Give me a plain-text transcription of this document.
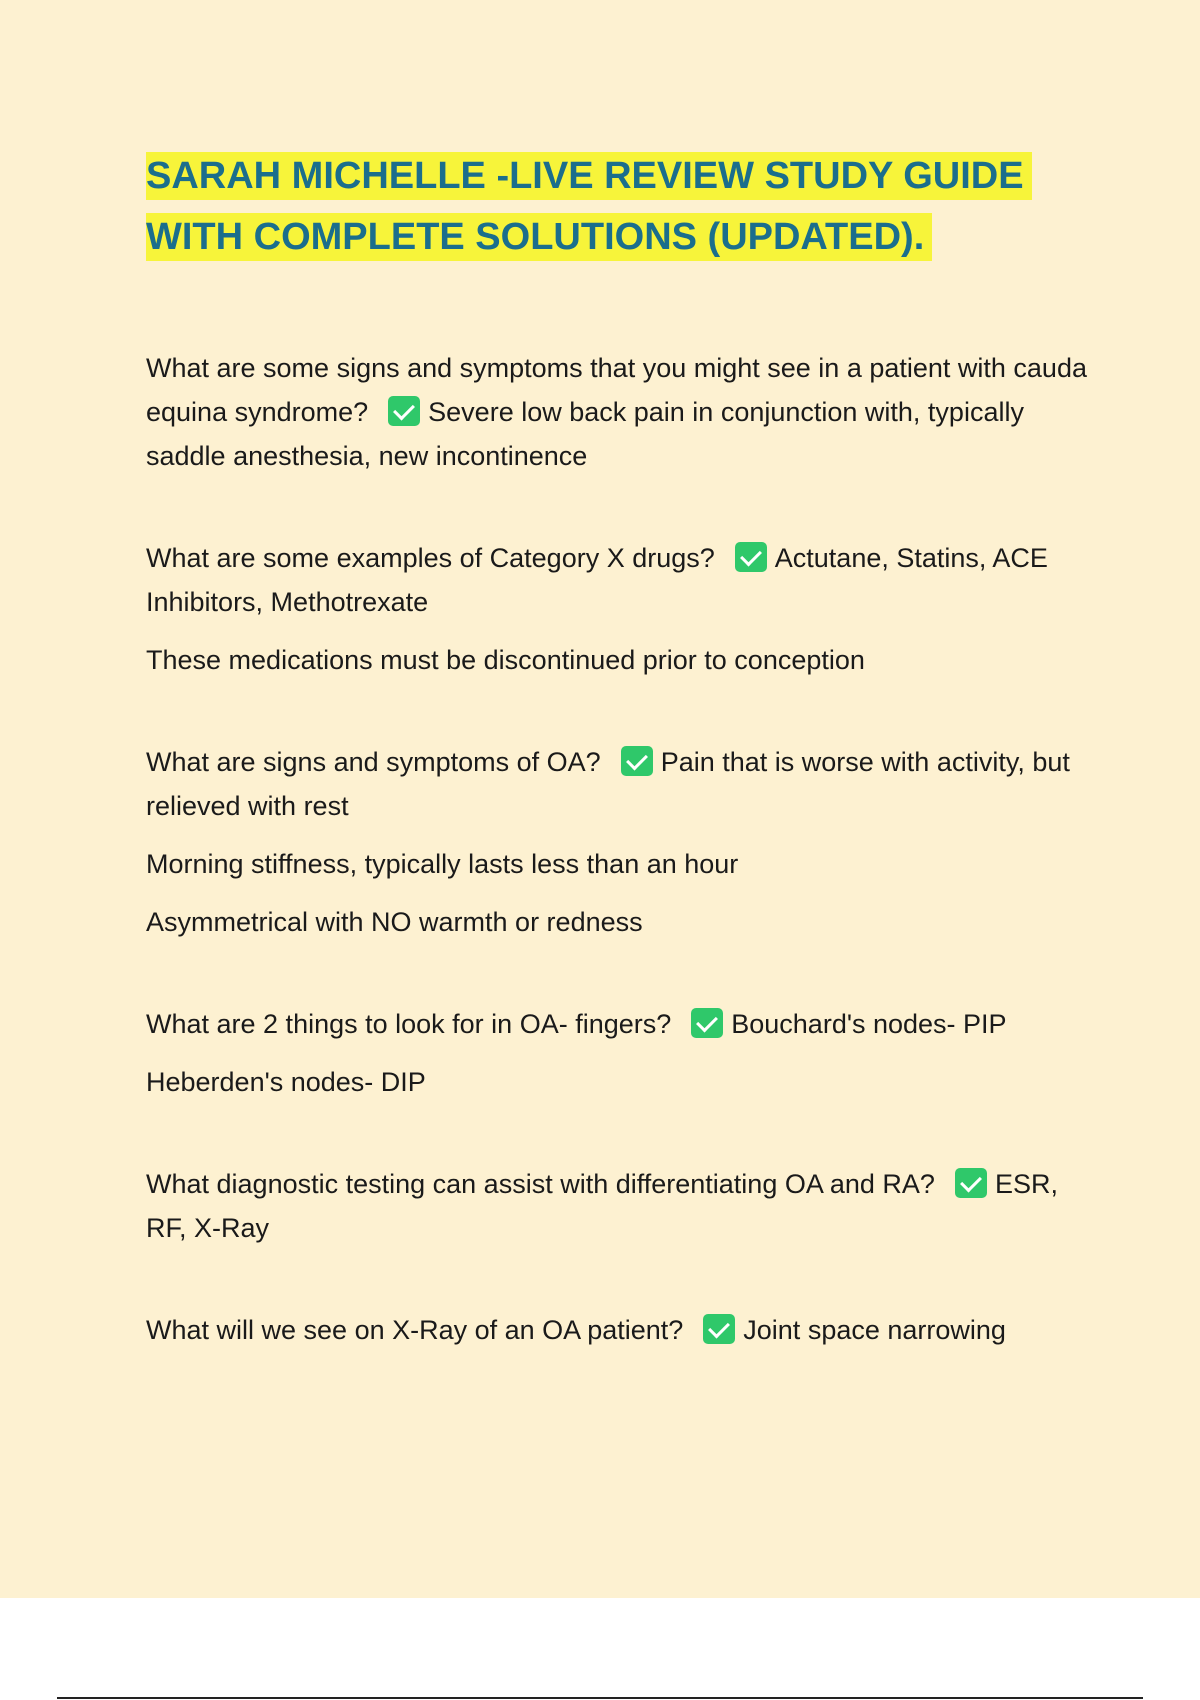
SARAH MICHELLE -LIVE REVIEW STUDY GUIDE
WITH COMPLETE SOLUTIONS (UPDATED).

What are some signs and symptoms that you might see in a patient with cauda equina syndrome? Severe low back pain in conjunction with, typically saddle anesthesia, new incontinence

What are some examples of Category X drugs? Actutane, Statins, ACE Inhibitors, Methotrexate

These medications must be discontinued prior to conception

What are signs and symptoms of OA? Pain that is worse with activity, but relieved with rest

Morning stiffness, typically lasts less than an hour

Asymmetrical with NO warmth or redness

What are 2 things to look for in OA- fingers? Bouchard's nodes- PIP

Heberden's nodes- DIP

What diagnostic testing can assist with differentiating OA and RA? ESR, RF, X-Ray

What will we see on X-Ray of an OA patient? Joint space narrowing
